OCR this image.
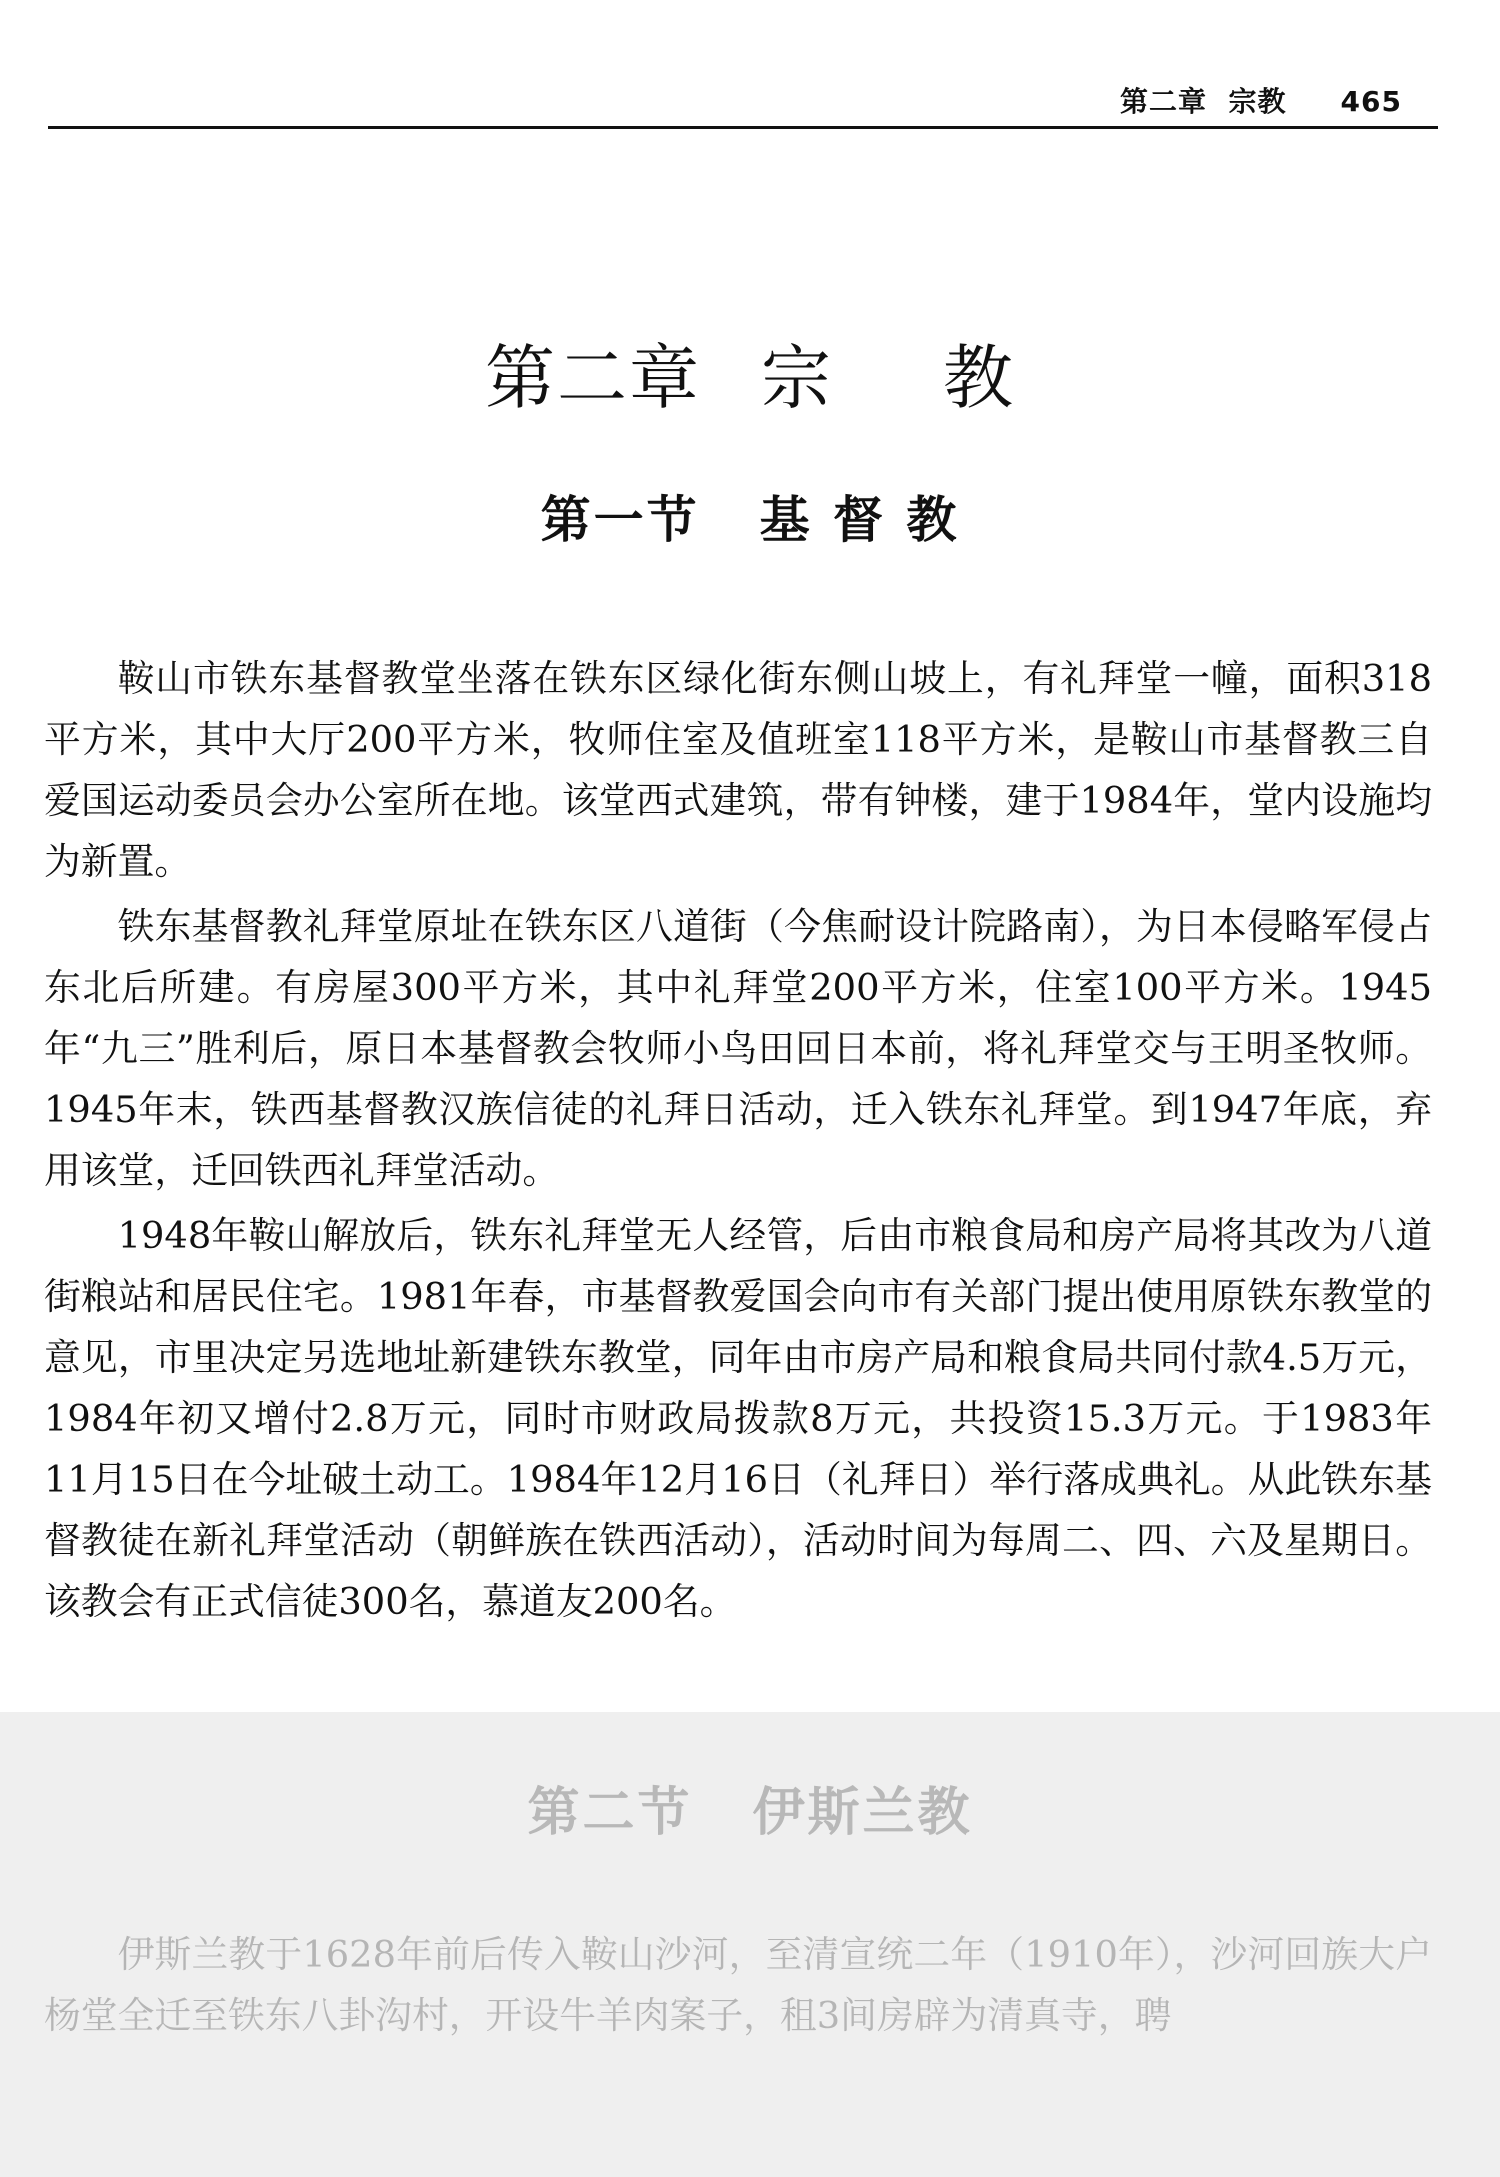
第二章  宗教 465
第二章 宗 教
第一节 基 督 教

鞍山市铁东基督教堂坐落在铁东区绿化街东侧山坡上，有礼拜堂一幢，面积318平方米，其中大厅200平方米，牧师住室及值班室118平方米，是鞍山市基督教三自爱国运动委员会办公室所在地。该堂西式建筑，带有钟楼，建于1984年，堂内设施均为新置。

铁东基督教礼拜堂原址在铁东区八道街（今焦耐设计院路南），为日本侵略军侵占东北后所建。有房屋300平方米，其中礼拜堂200平方米，住室100平方米。1945年“九三”胜利后，原日本基督教会牧师小鸟田回日本前，将礼拜堂交与王明圣牧师。1945年末，铁西基督教汉族信徒的礼拜日活动，迁入铁东礼拜堂。到1947年底，弃用该堂，迁回铁西礼拜堂活动。

1948年鞍山解放后，铁东礼拜堂无人经管，后由市粮食局和房产局将其改为八道街粮站和居民住宅。1981年春，市基督教爱国会向市有关部门提出使用原铁东教堂的意见，市里决定另选地址新建铁东教堂，同年由市房产局和粮食局共同付款4.5万元，1984年初又增付2.8万元，同时市财政局拨款8万元，共投资15.3万元。于1983年11月15日在今址破土动工。1984年12月16日（礼拜日）举行落成典礼。从此铁东基督教徒在新礼拜堂活动（朝鲜族在铁西活动），活动时间为每周二、四、六及星期日。该教会有正式信徒300名，慕道友200名。

第二节 伊斯兰教

伊斯兰教于1628年前后传入鞍山沙河，至清宣统二年（1910年），沙河回族大户杨堂全迁至铁东八卦沟村，开设牛羊肉案子，租3间房辟为清真寺，聘
